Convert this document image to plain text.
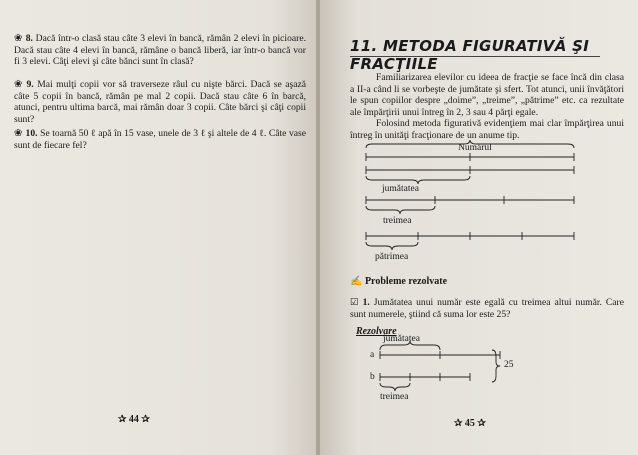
❀ 8. Dacă într-o clasă stau câte 3 elevi în bancă, rămân 2 elevi în picioare. Dacă stau câte 4 elevi în bancă, rămâne o bancă liberă, iar într-o bancă vor fi 3 elevi. Câţi elevi şi câte bănci sunt în clasă?
❀ 9. Mai mulţi copii vor să traverseze râul cu nişte bărci. Dacă se aşază câte 5 copii în bancă, rămân pe mal 2 copii. Dacă stau câte 6 în barcă, atunci, pentru ultima barcă, mai rămân doar 3 copii. Câte bărci şi câţi copii sunt?
❀ 10. Se toarnă 50 ℓ apă în 15 vase, unele de 3 ℓ şi altele de 4 ℓ. Câte vase sunt de fiecare fel?
✰ 44 ✰
11. METODA FIGURATIVĂ ŞI FRACŢIILE
Familiarizarea elevilor cu ideea de fracţie se face încă din clasa a II-a când li se vorbeşte de jumătate şi sfert. Tot atunci, unii învăţători le spun copiilor despre „doime”, „treime”, „pătrime” etc. ca rezultate ale împărţirii unui întreg în 2, 3 sau 4 părţi egale.
Folosind metoda figurativă evidenţiem mai clar împărţirea unui întreg în unităţi fracţionare de un anume tip.
Numărul
jumătatea
treimea
pătrimea
✍ Probleme rezolvate
☑ 1. Jumătatea unui număr este egală cu treimea altui număr. Care sunt numerele, ştiind că suma lor este 25?
Rezolvare
jumătatea
a
b
25
treimea
✰ 45 ✰
